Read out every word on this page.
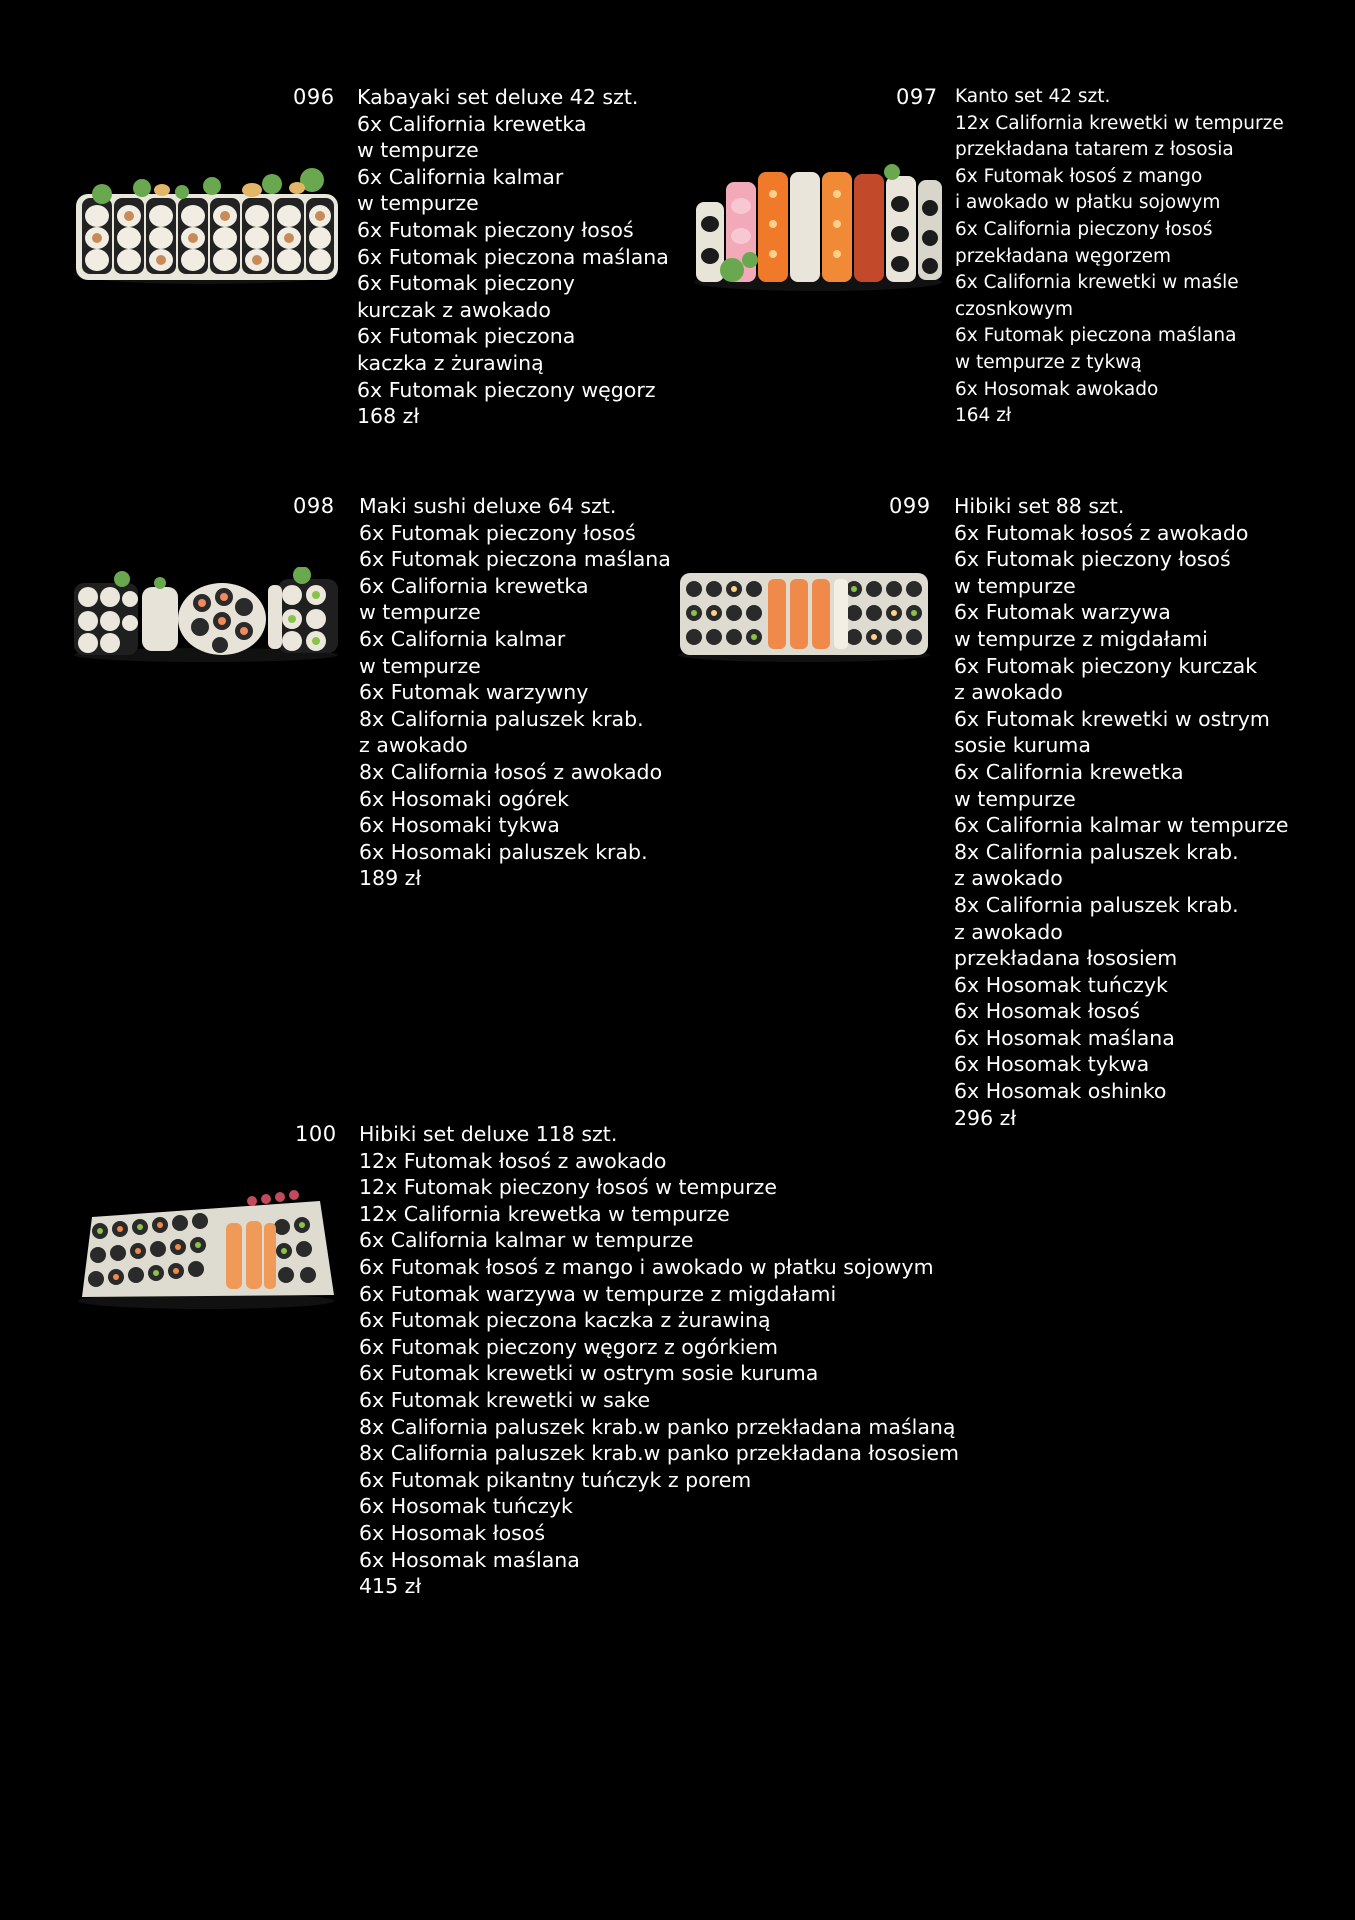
096 Kabayaki set deluxe 42 szt.
6x California krewetka
w tempurze
6x California kalmar
w tempurze
6x Futomak pieczony łosoś
6x Futomak pieczona maślana
6x Futomak pieczony
kurczak z awokado
6x Futomak pieczona
kaczka z żurawiną
6x Futomak pieczony węgorz
168 zł
097 Kanto set 42 szt.
12x California krewetki w tempurze
przekładana tatarem z łososia
6x Futomak łosoś z mango
i awokado w płatku sojowym
6x California pieczony łosoś
przekładana węgorzem
6x California krewetki w maśle
czosnkowym
6x Futomak pieczona maślana
w tempurze z tykwą
6x Hosomak awokado
164 zł
098 Maki sushi deluxe 64 szt.
6x Futomak pieczony łosoś
6x Futomak pieczona maślana
6x California krewetka
w tempurze
6x California kalmar
w tempurze
6x Futomak warzywny
8x California paluszek krab.
z awokado
8x California łosoś z awokado
6x Hosomaki ogórek
6x Hosomaki tykwa
6x Hosomaki paluszek krab.
189 zł
099 Hibiki set 88 szt.
6x Futomak łosoś z awokado
6x Futomak pieczony łosoś
w tempurze
6x Futomak warzywa
w tempurze z migdałami
6x Futomak pieczony kurczak
z awokado
6x Futomak krewetki w ostrym
sosie kuruma
6x California krewetka
w tempurze
6x California kalmar w tempurze
8x California paluszek krab.
z awokado
8x California paluszek krab.
z awokado
przekładana łososiem
6x Hosomak tuńczyk
6x Hosomak łosoś
6x Hosomak maślana
6x Hosomak tykwa
6x Hosomak oshinko
296 zł
100 Hibiki set deluxe 118 szt.
12x Futomak łosoś z awokado
12x Futomak pieczony łosoś w tempurze
12x California krewetka w tempurze
6x California kalmar w tempurze
6x Futomak łosoś z mango i awokado w płatku sojowym
6x Futomak warzywa w tempurze z migdałami
6x Futomak pieczona kaczka z żurawiną
6x Futomak pieczony węgorz z ogórkiem
6x Futomak krewetki w ostrym sosie kuruma
6x Futomak krewetki w sake
8x California paluszek krab.w panko przekładana maślaną
8x California paluszek krab.w panko przekładana łososiem
6x Futomak pikantny tuńczyk z porem
6x Hosomak tuńczyk
6x Hosomak łosoś
6x Hosomak maślana
415 zł
